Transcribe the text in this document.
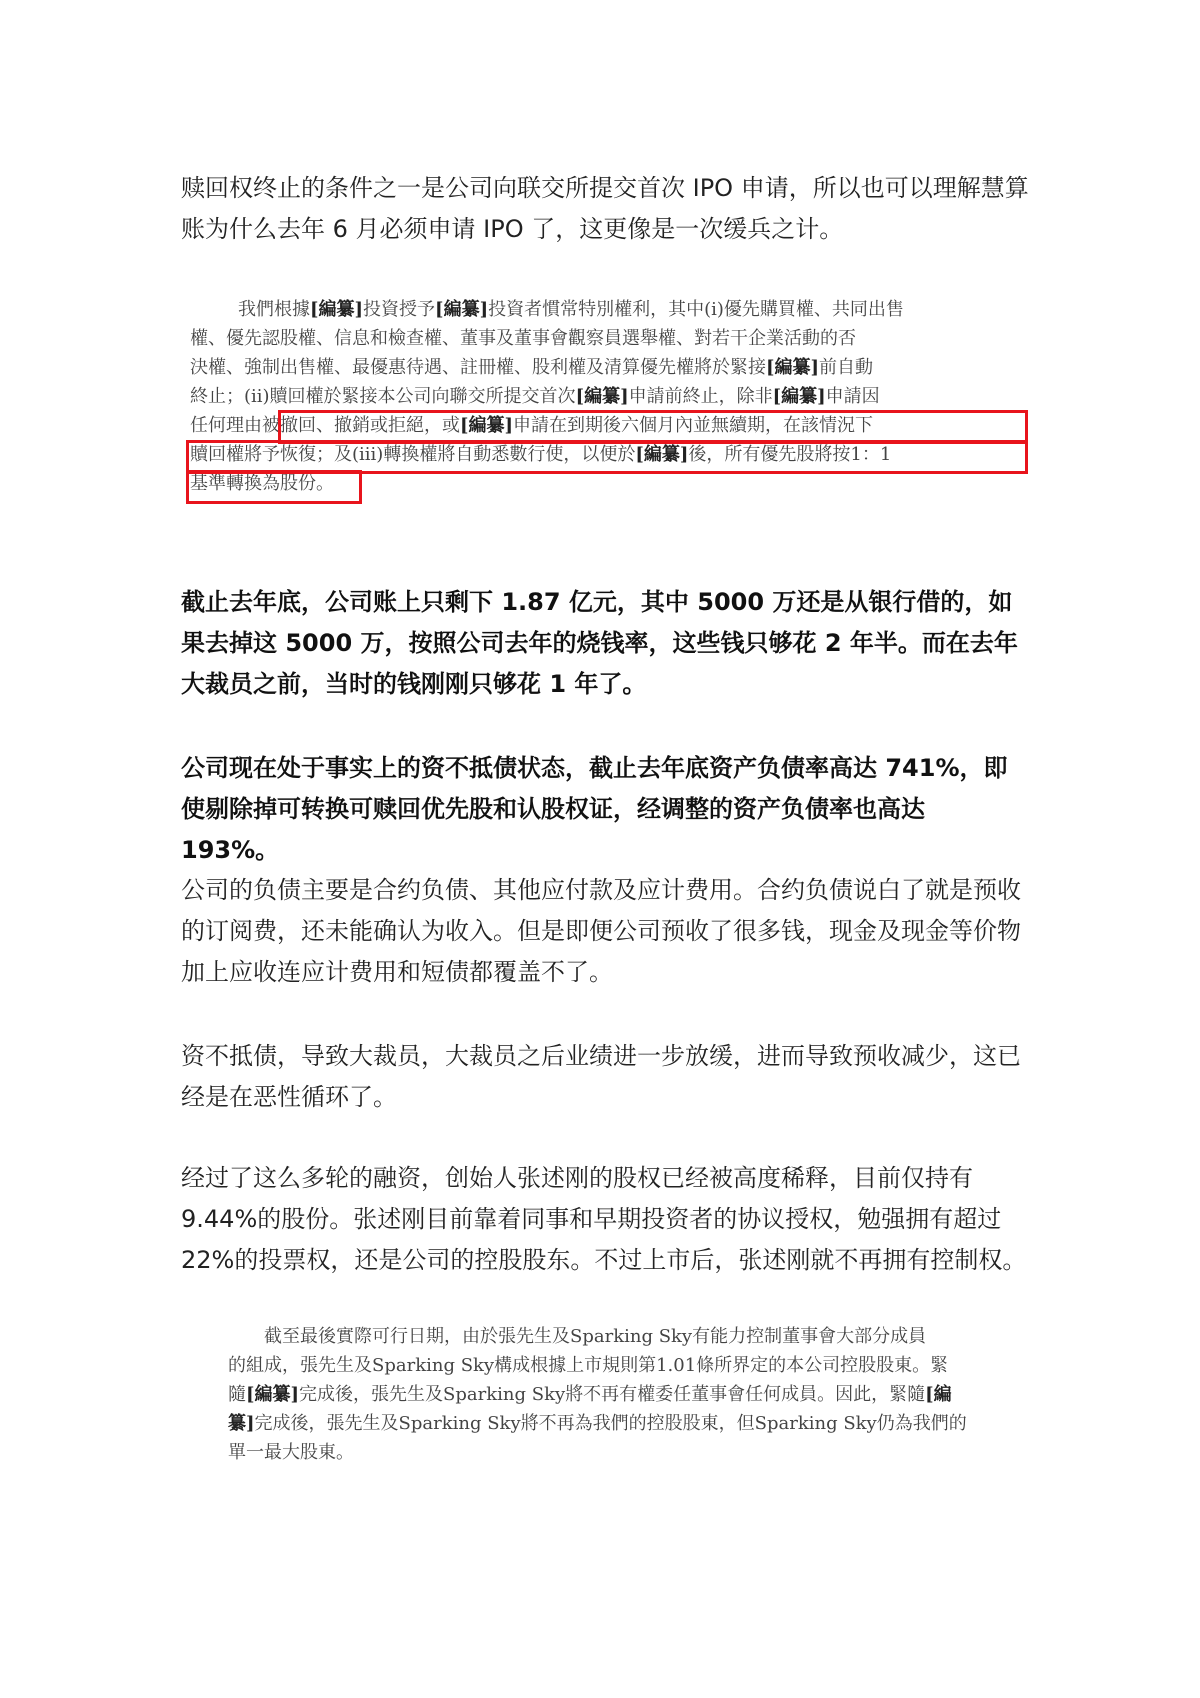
赎回权终止的条件之一是公司向联交所提交首次 IPO 申请，所以也可以理解慧算账为什么去年 6 月必须申请 IPO 了，这更像是一次缓兵之计。

我們根據[編纂]投資授予[編纂]投資者慣常特別權利，其中(i)優先購買權、共同出售
權、優先認股權、信息和檢查權、董事及董事會觀察員選舉權、對若干企業活動的否
決權、強制出售權、最優惠待遇、註冊權、股利權及清算優先權將於緊接[編纂]前自動
終止；(ii)贖回權於緊接本公司向聯交所提交首次[編纂]申請前終止，除非[編纂]申請因
任何理由被撤回、撤銷或拒絕，或[編纂]申請在到期後六個月內並無續期，在該情況下
贖回權將予恢復；及(iii)轉換權將自動悉數行使，以便於[編纂]後，所有優先股將按1：1
基準轉換為股份。

截止去年底，公司账上只剩下 1.87 亿元，其中 5000 万还是从银行借的，如果去掉这 5000 万，按照公司去年的烧钱率，这些钱只够花 2 年半。而在去年大裁员之前，当时的钱刚刚只够花 1 年了。

公司现在处于事实上的资不抵债状态，截止去年底资产负债率高达 741%，即使剔除掉可转换可赎回优先股和认股权证，经调整的资产负债率也高达 193%。

公司的负债主要是合约负债、其他应付款及应计费用。合约负债说白了就是预收的订阅费，还未能确认为收入。但是即便公司预收了很多钱，现金及现金等价物加上应收连应计费用和短债都覆盖不了。

资不抵债，导致大裁员，大裁员之后业绩进一步放缓，进而导致预收减少，这已经是在恶性循环了。

经过了这么多轮的融资，创始人张述刚的股权已经被高度稀释，目前仅持有 9.44%的股份。张述刚目前靠着同事和早期投资者的协议授权，勉强拥有超过 22%的投票权，还是公司的控股股东。不过上市后，张述刚就不再拥有控制权。

截至最後實際可行日期，由於張先生及Sparking Sky有能力控制董事會大部分成員
的組成，張先生及Sparking Sky構成根據上市規則第1.01條所界定的本公司控股股東。緊
隨[編纂]完成後，張先生及Sparking Sky將不再有權委任董事會任何成員。因此，緊隨[編
纂]完成後，張先生及Sparking Sky將不再為我們的控股股東，但Sparking Sky仍為我們的
單一最大股東。
